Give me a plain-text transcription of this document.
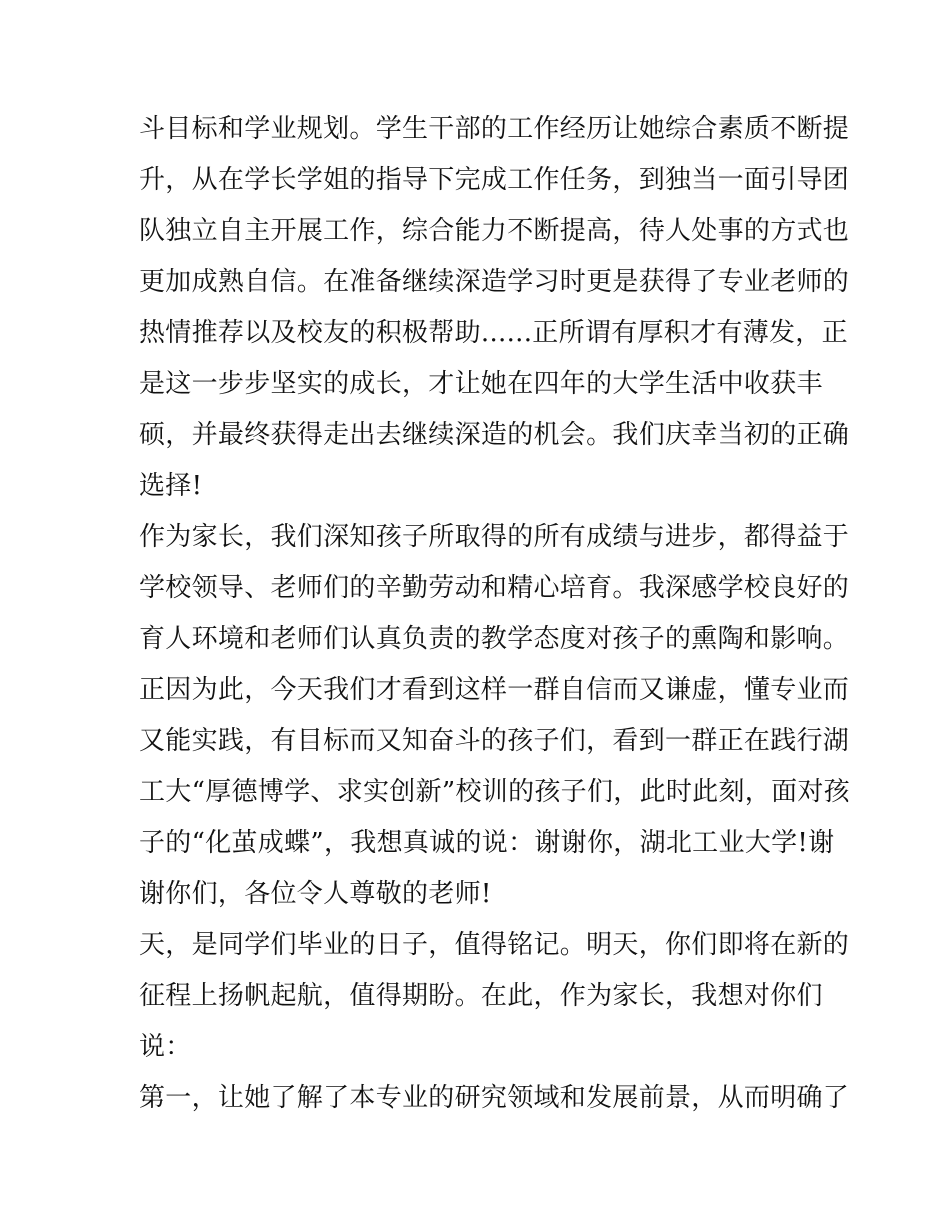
斗目标和学业规划。学生干部的工作经历让她综合素质不断提
升，从在学长学姐的指导下完成工作任务，到独当一面引导团
队独立自主开展工作，综合能力不断提高，待人处事的方式也
更加成熟自信。在准备继续深造学习时更是获得了专业老师的
热情推荐以及校友的积极帮助......正所谓有厚积才有薄发，正
是这一步步坚实的成长，才让她在四年的大学生活中收获丰
硕，并最终获得走出去继续深造的机会。我们庆幸当初的正确
选择!
作为家长，我们深知孩子所取得的所有成绩与进步，都得益于
学校领导、老师们的辛勤劳动和精心培育。我深感学校良好的
育人环境和老师们认真负责的教学态度对孩子的熏陶和影响。
正因为此，今天我们才看到这样一群自信而又谦虚，懂专业而
又能实践，有目标而又知奋斗的孩子们，看到一群正在践行湖
工大“厚德博学、求实创新”校训的孩子们，此时此刻，面对孩
子的“化茧成蝶”，我想真诚的说：谢谢你，湖北工业大学!谢
谢你们，各位令人尊敬的老师!
天，是同学们毕业的日子，值得铭记。明天，你们即将在新的
征程上扬帆起航，值得期盼。在此，作为家长，我想对你们
说：
第一，让她了解了本专业的研究领域和发展前景，从而明确了
